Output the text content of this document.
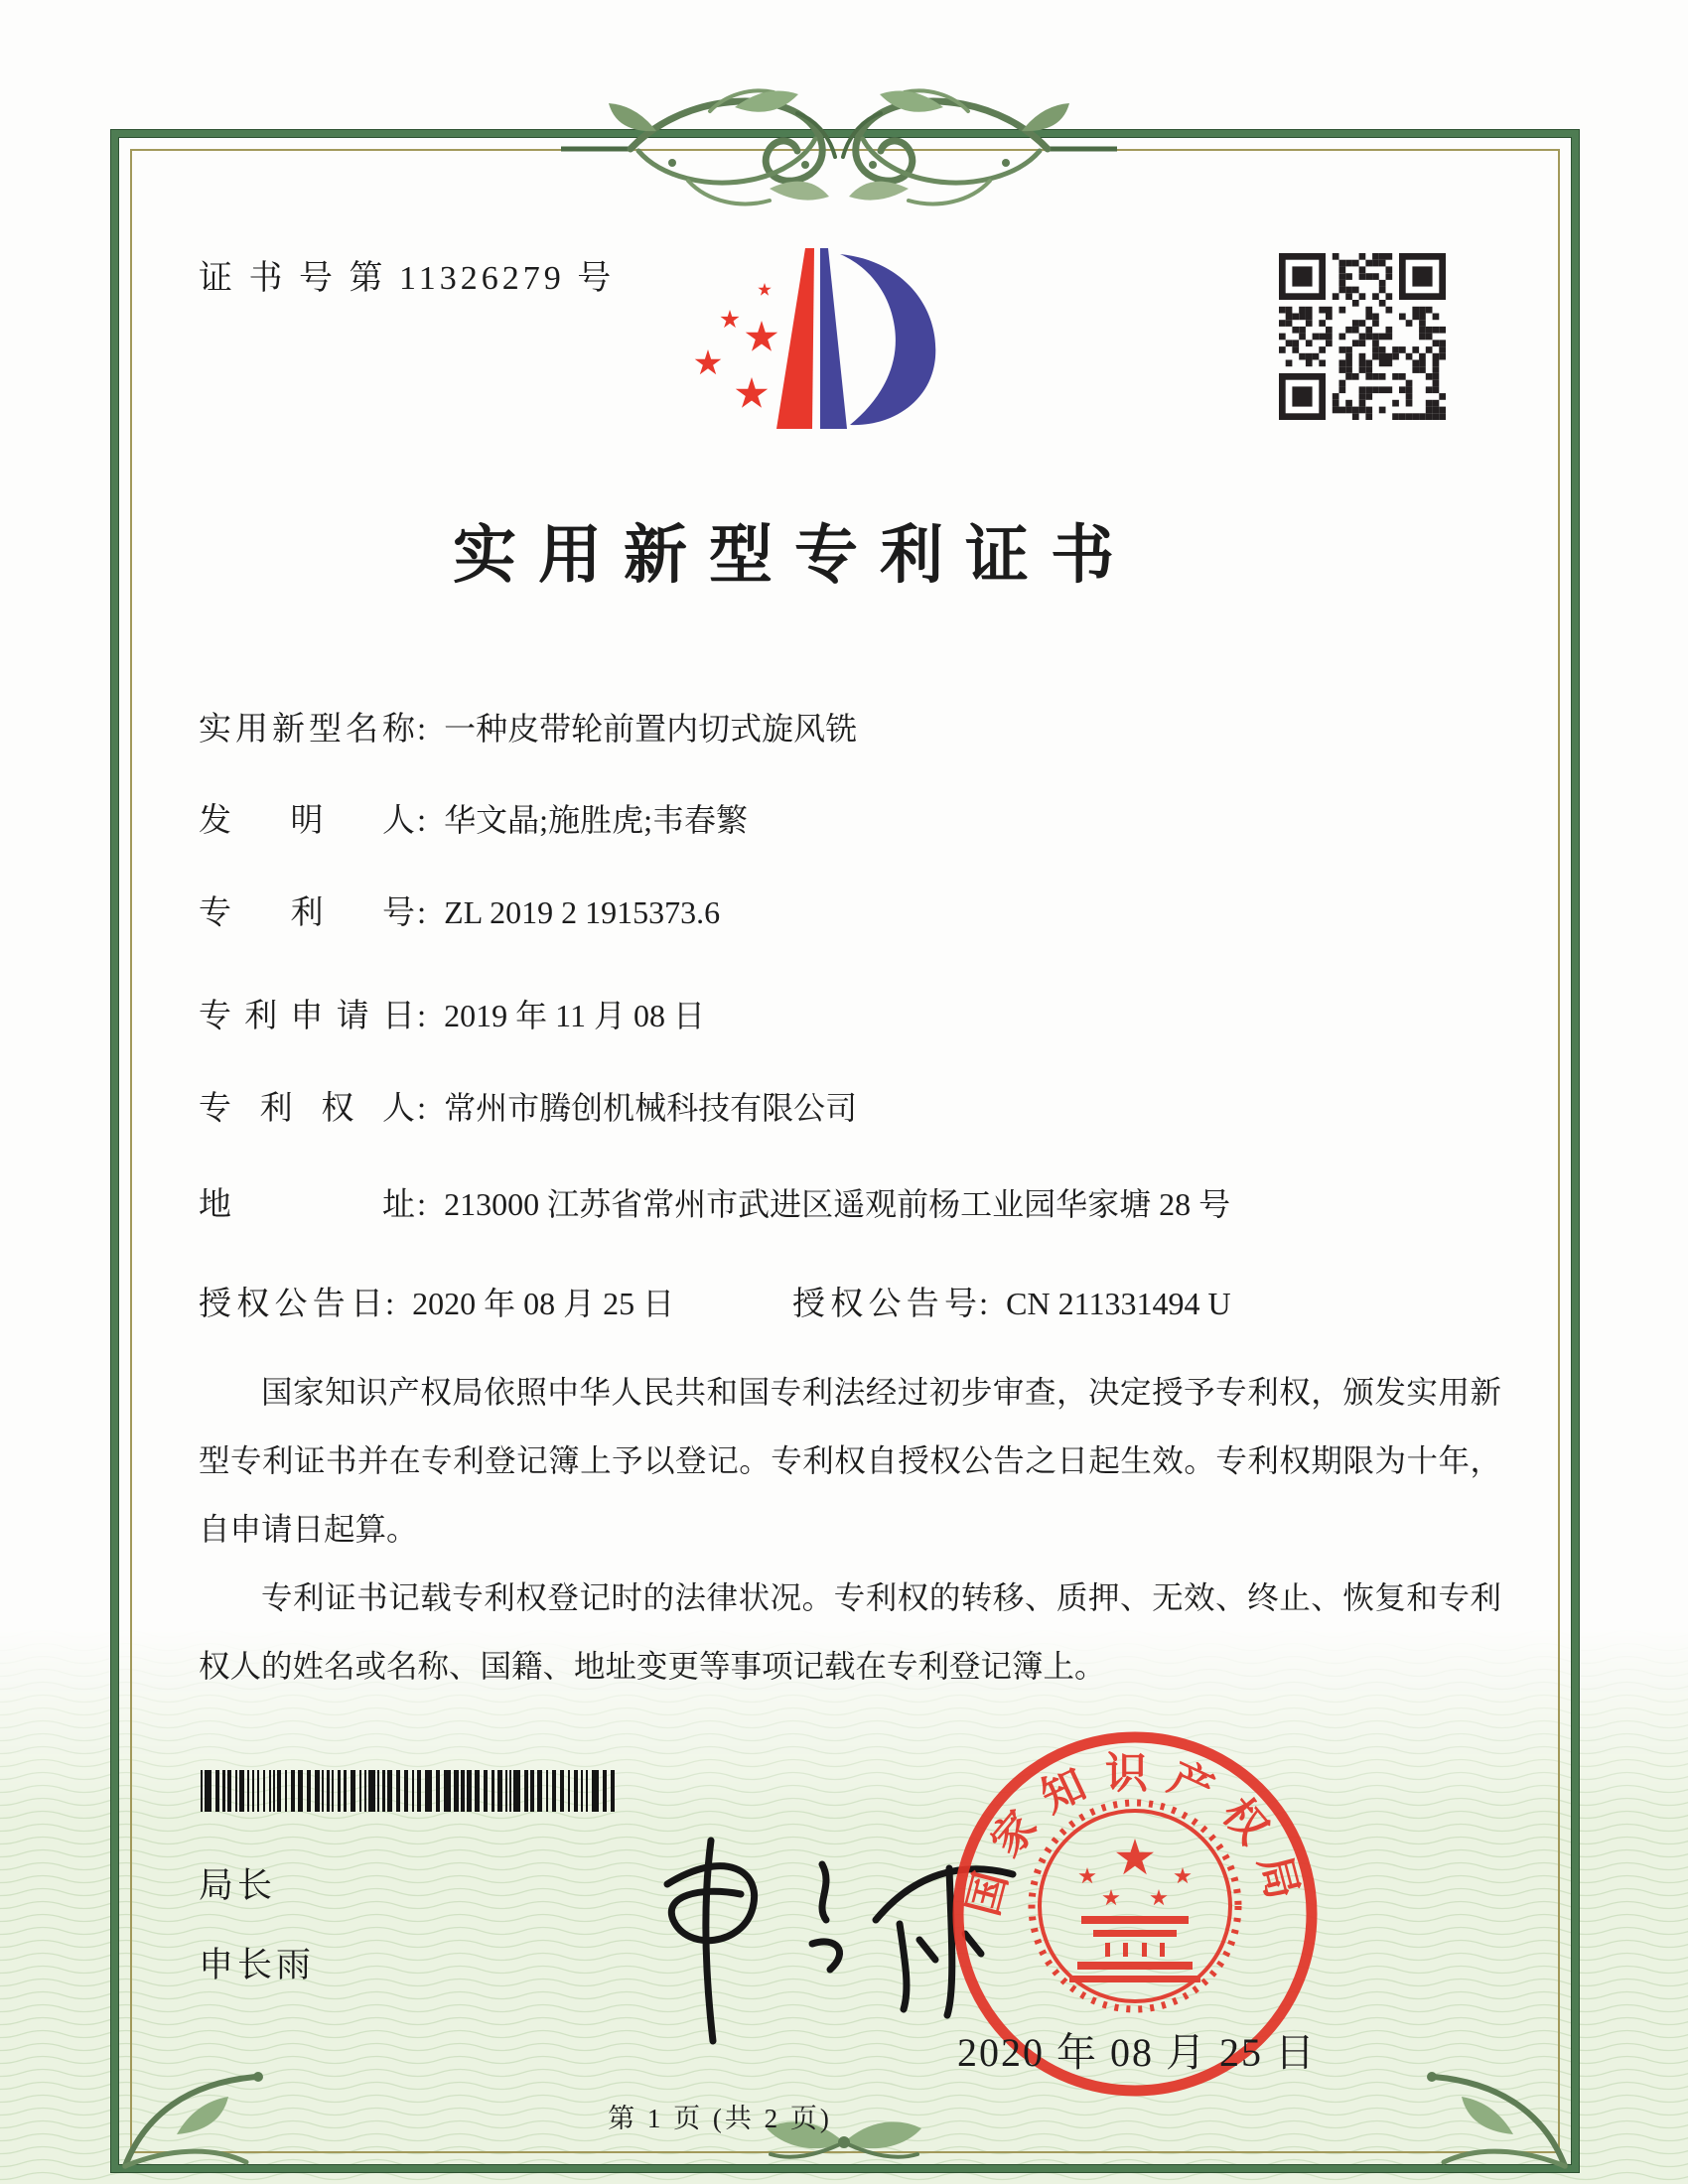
证 书 号 第 11326279 号
实用新型专利证书
实用新型名称: 一种皮带轮前置内切式旋风铣
发明人: 华文晶;施胜虎;韦春繁
专利号: ZL 2019 2 1915373.6
专利申请日: 2019 年 11 月 08 日
专利权人: 常州市腾创机械科技有限公司
地址: 213000 江苏省常州市武进区遥观前杨工业园华家塘 28 号
授权公告日: 2020 年 08 月 25 日	授权公告号: CN 211331494 U

国家知识产权局依照中华人民共和国专利法经过初步审查，决定授予专利权，颁发实用新型专利证书并在专利登记簿上予以登记。专利权自授权公告之日起生效。专利权期限为十年，自申请日起算。

专利证书记载专利权登记时的法律状况。专利权的转移、质押、无效、终止、恢复和专利权人的姓名或名称、国籍、地址变更等事项记载在专利登记簿上。

局长
申长雨
国家知识产权局
2020 年 08 月 25 日
第 1 页 (共 2 页)
